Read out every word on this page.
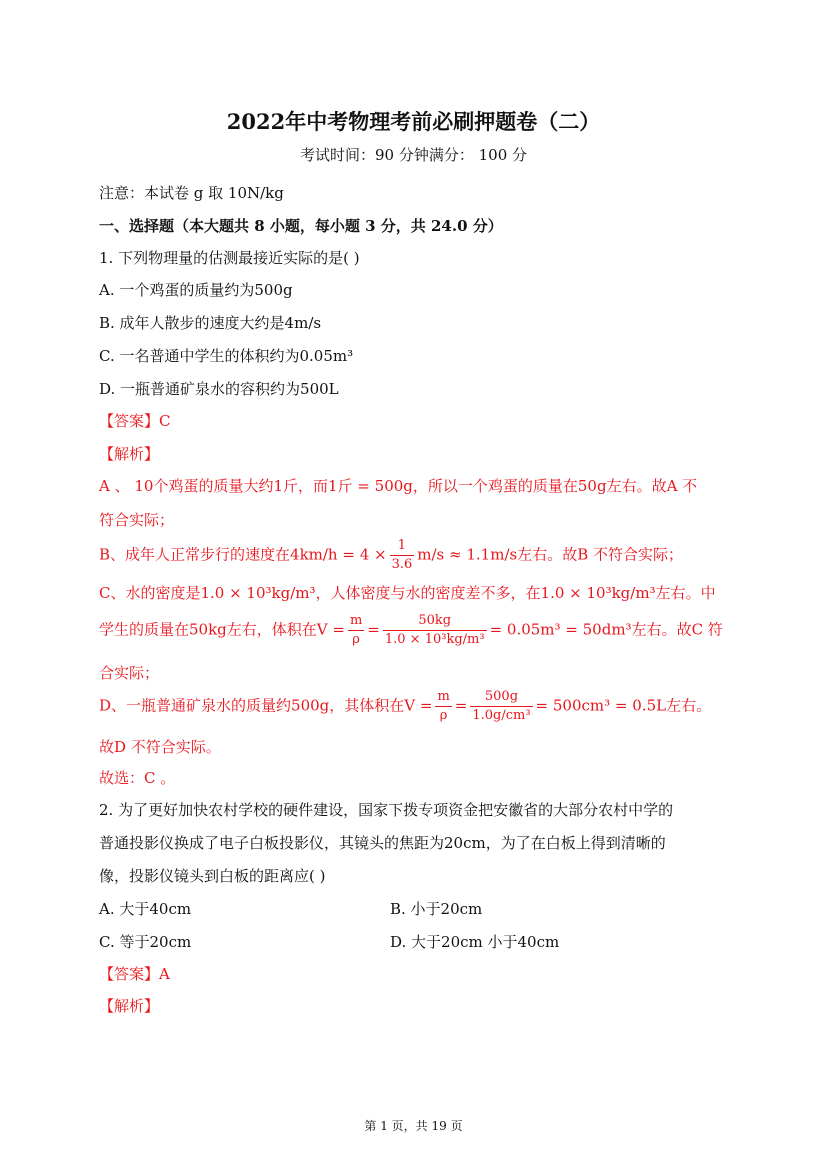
2022年中考物理考前必刷押题卷（二）
考试时间：90 分钟满分： 100 分
注意：本试卷 g 取 10N/kg
一、选择题（本大题共 8 小题，每小题 3 分，共 24.0 分）
1. 下列物理量的估测最接近实际的是( )
A. 一个鸡蛋的质量约为500g
B. 成年人散步的速度大约是4m/s
C. 一名普通中学生的体积约为0.05m³
D. 一瓶普通矿泉水的容积约为500L
【答案】C
【解析】
A 、 10个鸡蛋的质量大约1斤，而1斤 = 500g，所以一个鸡蛋的质量在50g左右。故A 不
符合实际；
B、成年人正常步行的速度在$4km/h = 4 \times \frac{1}{3.6} m/s \approx 1.1m/s$左右。故B 不符合实际；
C、水的密度是1.0 × 10³kg/m³，人体密度与水的密度差不多，在1.0 × 10³kg/m³左右。中
学生的质量在50kg左右，体积在$V = \frac{m}{\rho} = \frac{50kg}{\text{1.0 × 10³kg/m³}} = 0.05m^3 = 50dm^3$左右。故C 符
合实际；
D、一瓶普通矿泉水的质量约500g，其体积在$V = \frac{m}{\rho} = \frac{500g}{\text{1.0g/cm³}} = 500cm^3 = 0.5L$左右。
故D 不符合实际。
故选：C 。
2. 为了更好加快农村学校的硬件建设，国家下拨专项资金把安徽省的大部分农村中学的
普通投影仪换成了电子白板投影仪，其镜头的焦距为20cm，为了在白板上得到清晰的
像，投影仪镜头到白板的距离应( )
A. 大于40cm	B. 小于20cm
C. 等于20cm	D. 大于20cm 小于40cm
【答案】A
【解析】
第 1 页，共 19 页
